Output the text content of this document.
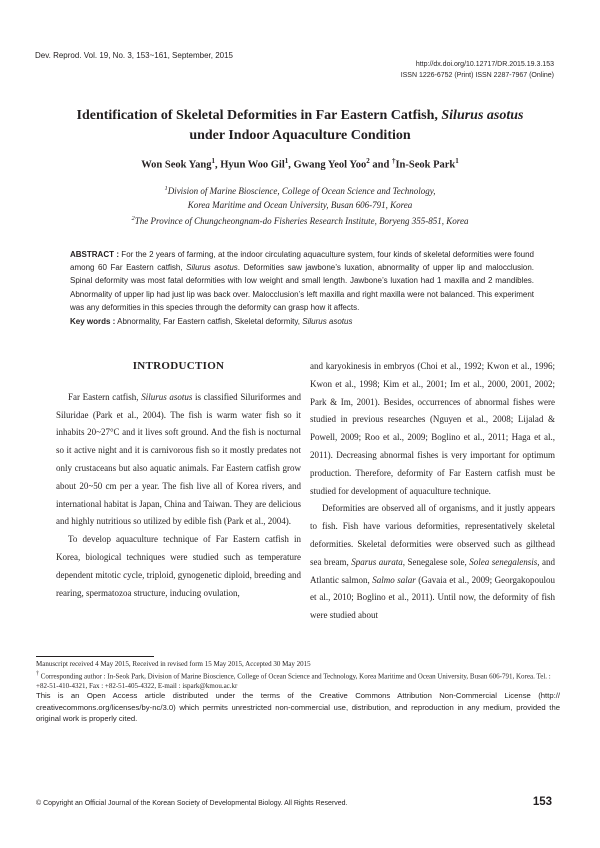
Dev. Reprod. Vol. 19, No. 3, 153~161, September, 2015
http://dx.doi.org/10.12717/DR.2015.19.3.153
ISSN 1226-6752 (Print) ISSN 2287-7967 (Online)
Identification of Skeletal Deformities in Far Eastern Catfish, Silurus asotus
under Indoor Aquaculture Condition
Won Seok Yang$^1$, Hyun Woo Gil$^1$, Gwang Yeol Yoo$^2$ and †In-Seok Park$^1$
$^1$Division of Marine Bioscience, College of Ocean Science and Technology,
Korea Maritime and Ocean University, Busan 606-791, Korea
$^2$The Province of Chungcheongnam-do Fisheries Research Institute, Boryeng 355-851, Korea
ABSTRACT : For the 2 years of farming, at the indoor circulating aquaculture system, four kinds of skeletal deformities were found among 60 Far Eastern catfish, Silurus asotus. Deformities saw jawbone’s luxation, abnormality of upper lip and malocclusion. Spinal deformity was most fatal deformities with low weight and small length. Jawbone’s luxation had 1 maxilla and 2 mandibles. Abnormality of upper lip had just lip was back over. Malocclusion’s left maxilla and right maxilla were not balanced. This experiment was any deformities in this species through the deformity can grasp how it affects.
Key words : Abnormality, Far Eastern catfish, Skeletal deformity, Silurus asotus
INTRODUCTION

Far Eastern catfish, Silurus asotus is classified Siluriformes and Siluridae (Park et al., 2004). The fish is warm water fish so it inhabits 20~27°C and it lives soft ground. And the fish is nocturnal so it active night and it is carnivorous fish so it mostly predates not only crustaceans but also aquatic animals. Far Eastern catfish grow about 20~50 cm per a year. The fish live all of Korea rivers, and international habitat is Japan, China and Taiwan. They are delicious and highly nutritious so utilized by edible fish (Park et al., 2004).

To develop aquaculture technique of Far Eastern catfish in Korea, biological techniques were studied such as temperature dependent mitotic cycle, triploid, gynogenetic diploid, breeding and rearing, spermatozoa structure, inducing ovulation,

and karyokinesis in embryos (Choi et al., 1992; Kwon et al., 1996; Kwon et al., 1998; Kim et al., 2001; Im et al., 2000, 2001, 2002; Park & Im, 2001). Besides, occurrences of abnormal fishes were studied in previous researches (Nguyen et al., 2008; Lijalad & Powell, 2009; Roo et al., 2009; Boglino et al., 2011; Haga et al., 2011). Decreasing abnormal fishes is very important for optimum production. Therefore, deformity of Far Eastern catfish must be studied for development of aquaculture technique.

Deformities are observed all of organisms, and it justly appears to fish. Fish have various deformities, representatively skeletal deformities. Skeletal deformities were observed such as gilthead sea bream, Sparus aurata, Senegalese sole, Solea senegalensis, and Atlantic salmon, Salmo salar (Gavaia et al., 2009; Georgakopoulou et al., 2010; Boglino et al., 2011). Until now, the deformity of fish were studied about

Manuscript received 4 May 2015, Received in revised form 15 May 2015, Accepted 30 May 2015
† Corresponding author : In-Seok Park, Division of Marine Bioscience, College of Ocean Science and Technology, Korea Maritime and Ocean University, Busan 606-791, Korea. Tel. : +82-51-410-4321, Fax : +82-51-405-4322, E-mail : ispark@kmou.ac.kr
This is an Open Access article distributed under the terms of the Creative Commons Attribution Non-Commercial License (http:// creativecommons.org/licenses/by-nc/3.0) which permits unrestricted non-commercial use, distribution, and reproduction in any medium, provided the original work is properly cited.
© Copyright an Official Journal of the Korean Society of Developmental Biology. All Rights Reserved.	153
